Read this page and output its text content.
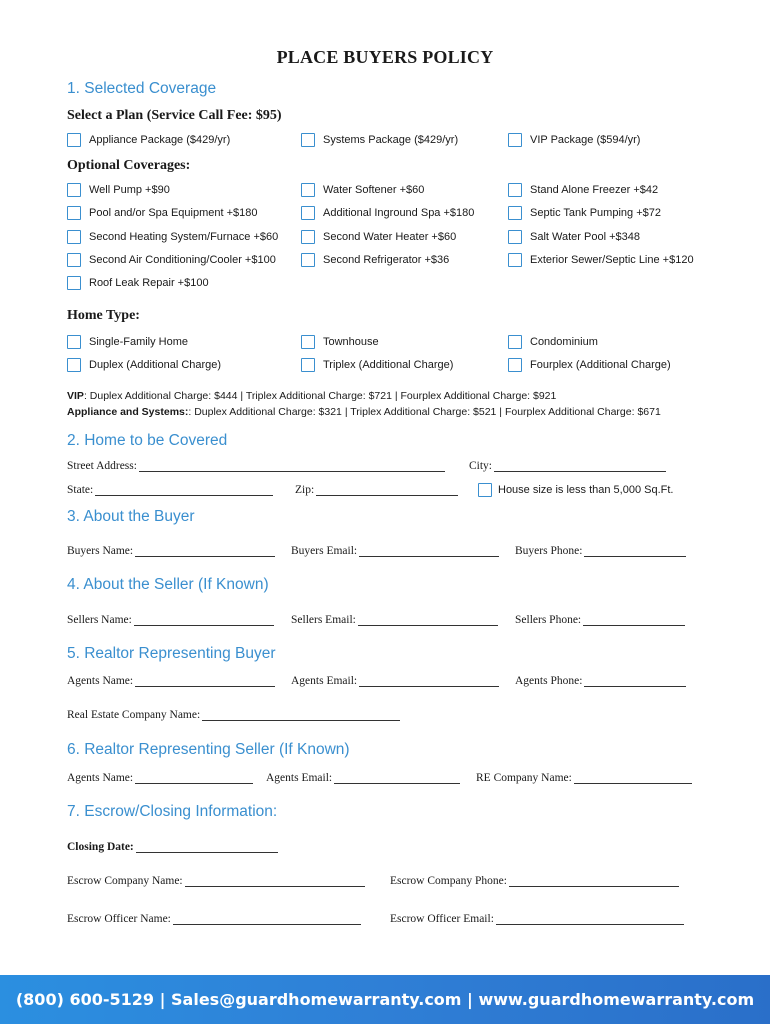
PLACE BUYERS POLICY
1. Selected Coverage
Select a Plan (Service Call Fee: $95)
Appliance Package ($429/yr)	Systems Package ($429/yr)	VIP Package ($594/yr)
Optional Coverages:
Well Pump +$90	Water Softener +$60	Stand Alone Freezer +$42
Pool and/or Spa Equipment +$180	Additional Inground Spa +$180	Septic Tank Pumping +$72
Second Heating System/Furnace +$60	Second Water Heater +$60	Salt Water Pool +$348
Second Air Conditioning/Cooler +$100	Second Refrigerator +$36	Exterior Sewer/Septic Line +$120
Roof Leak Repair +$100
Home Type:
Single-Family Home	Townhouse	Condominium
Duplex (Additional Charge)	Triplex (Additional Charge)	Fourplex (Additional Charge)
VIP: Duplex Additional Charge: $444 | Triplex Additional Charge: $721 | Fourplex Additional Charge: $921
Appliance and Systems:: Duplex Additional Charge: $321 | Triplex Additional Charge: $521 | Fourplex Additional Charge: $671
2. Home to be Covered
Street Address:	City:
State:	Zip:	House size is less than 5,000 Sq.Ft.
3. About the Buyer
Buyers Name:	Buyers Email:	Buyers Phone:
4. About the Seller (If Known)
Sellers Name:	Sellers Email:	Sellers Phone:
5. Realtor Representing Buyer
Agents Name:	Agents Email:	Agents Phone:
Real Estate Company Name:
6. Realtor Representing Seller (If Known)
Agents Name:	Agents Email:	RE Company Name:
7. Escrow/Closing Information:
Closing Date:
Escrow Company Name:	Escrow Company Phone:
Escrow Officer Name:	Escrow Officer Email:
(800) 600-5129 | Sales@guardhomewarranty.com | www.guardhomewarranty.com
